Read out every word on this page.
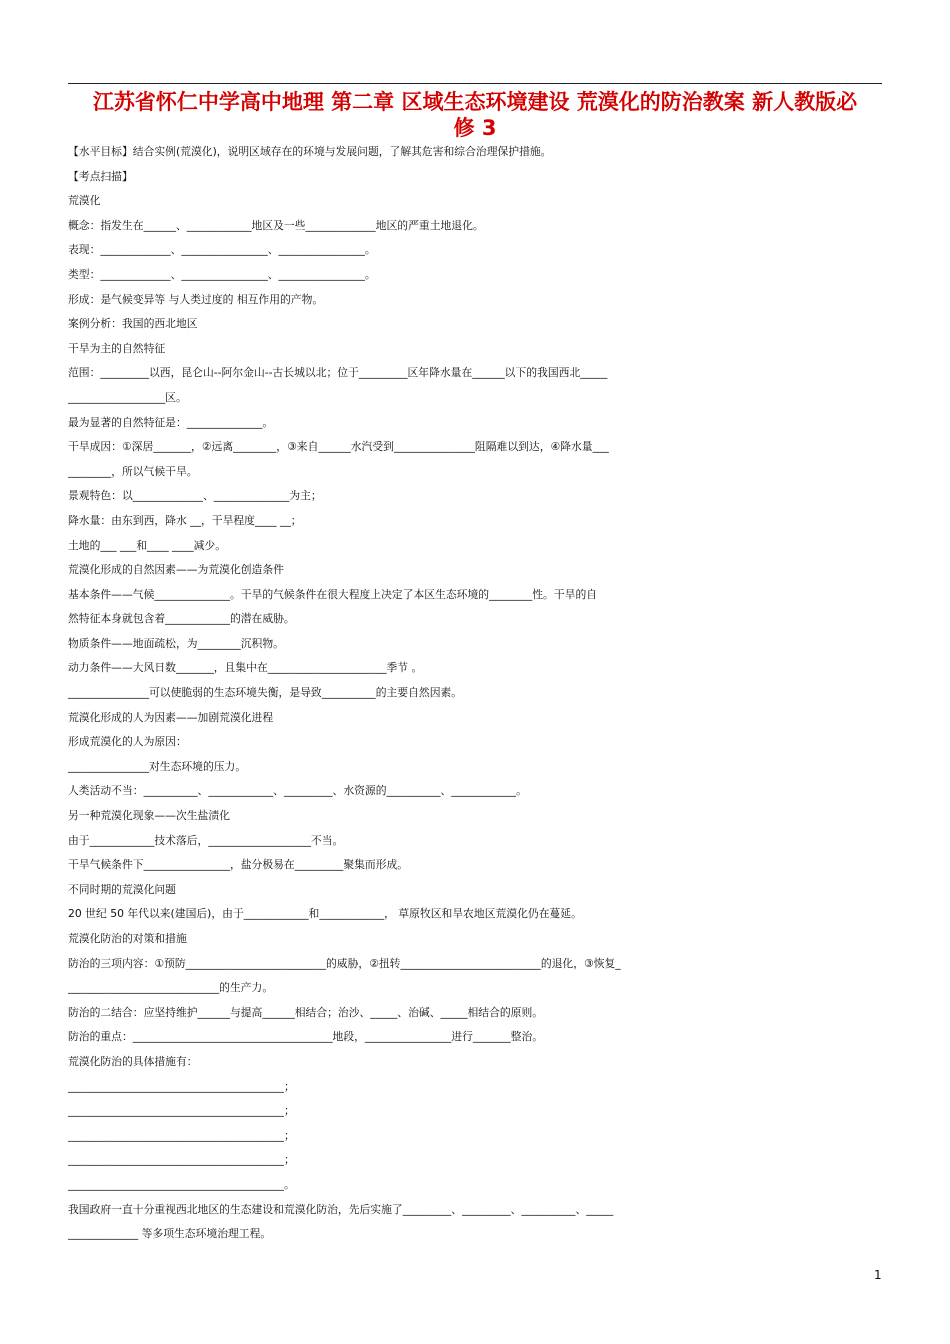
江苏省怀仁中学高中地理 第二章 区域生态环境建设 荒漠化的防治教案 新人教版必
修 3
【水平目标】结合实例(荒漠化)，说明区域存在的环境与发展问题，了解其危害和综合治理保护措施。
【考点扫描】
荒漠化
概念：指发生在______、____________地区及一些_____________地区的严重土地退化。
表现：_____________、________________、________________。
类型：_____________、________________、________________。
形成：是气候变异等 与人类过度的 相互作用的产物。
案例分析：我国的西北地区
干旱为主的自然特征
范围：_________以西，昆仑山--阿尔金山--古长城以北；位于_________区年降水量在______以下的我国西北_____
__________________区。
最为显著的自然特征是：______________。
干旱成因：①深居_______，②远离________，③来自______水汽受到_______________阻隔难以到达，④降水量___
________，所以气候干旱。
景观特色：以_____________、______________为主；
降水量：由东到西，降水 __，干旱程度____ __；
土地的___ ___和____ ____减少。
荒漠化形成的自然因素——为荒漠化创造条件
基本条件——气候______________。干旱的气候条件在很大程度上决定了本区生态环境的________性。干旱的自
然特征本身就包含着____________的潜在威胁。
物质条件——地面疏松，为________沉积物。
动力条件——大风日数_______，且集中在______________________季节 。
_______________可以使脆弱的生态环境失衡，是导致__________的主要自然因素。
荒漠化形成的人为因素——加剧荒漠化进程
形成荒漠化的人为原因：
_______________对生态环境的压力。
人类活动不当：__________、____________、_________、水资源的__________、____________。
另一种荒漠化现象——次生盐渍化
由于____________技术落后，___________________不当。
干旱气候条件下________________，盐分极易在_________聚集而形成。
不同时期的荒漠化问题
20 世纪 50 年代以来(建国后)，由于____________和____________， 草原牧区和旱农地区荒漠化仍在蔓延。
荒漠化防治的对策和措施
防治的三项内容：①预防__________________________的威胁，②扭转__________________________的退化，③恢复_
____________________________的生产力。
防治的二结合：应坚持维护______与提高______相结合；治沙、_____、治碱、_____相结合的原则。
防治的重点：_____________________________________地段，________________进行_______整治。
荒漠化防治的具体措施有：
________________________________________；
________________________________________；
________________________________________；
________________________________________；
________________________________________。
我国政府一直十分重视西北地区的生态建设和荒漠化防治，先后实施了_________、_________、__________、_____
_____________ 等多项生态环境治理工程。
1
